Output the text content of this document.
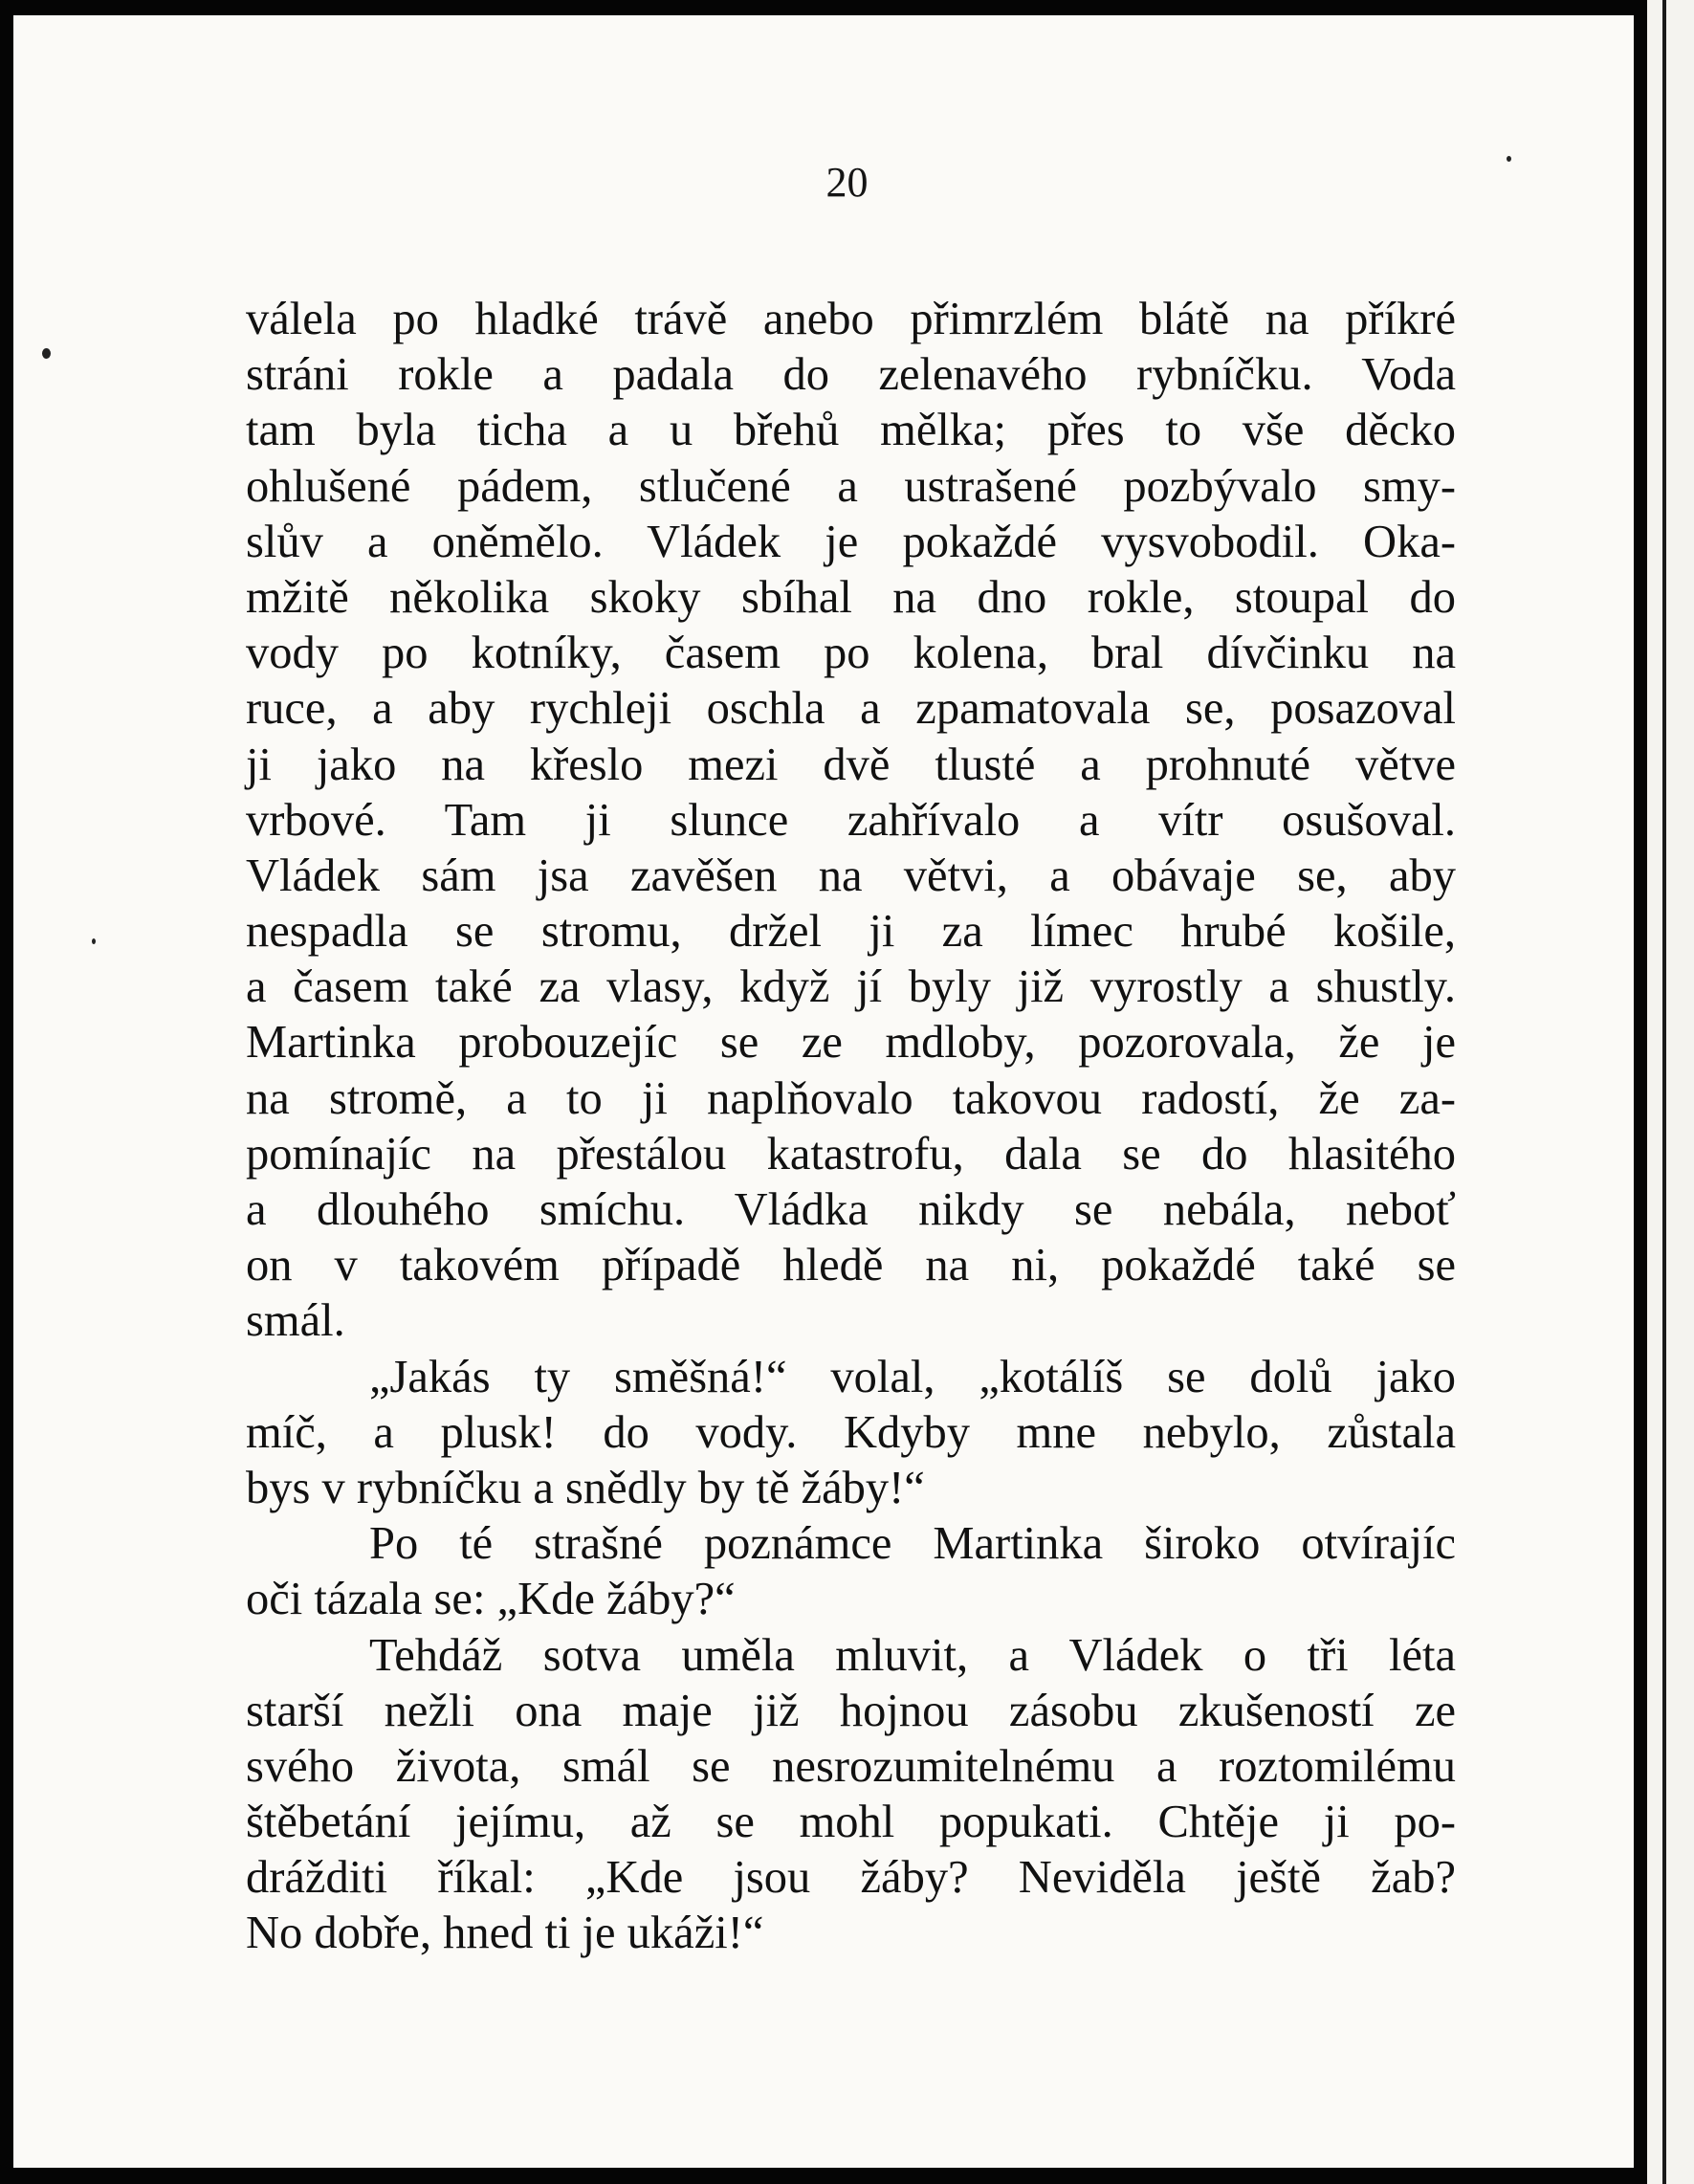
20
válela po hladké trávě anebo přimrzlém blátě na příkré
stráni rokle a padala do zelenavého rybníčku. Voda
tam byla ticha a u břehů mělka; přes to vše děcko
ohlušené pádem, stlučené a ustrašené pozbývalo smy-
slův a oněmělo. Vládek je pokaždé vysvobodil. Oka-
mžitě několika skoky sbíhal na dno rokle, stoupal do
vody po kotníky, časem po kolena, bral dívčinku na
ruce, a aby rychleji oschla a zpamatovala se, posazoval
ji jako na křeslo mezi dvě tlusté a prohnuté větve
vrbové. Tam ji slunce zahřívalo a vítr osušoval.
Vládek sám jsa zavěšen na větvi, a obávaje se, aby
nespadla se stromu, držel ji za límec hrubé košile,
a časem také za vlasy, když jí byly již vyrostly a shustly.
Martinka probouzejíc se ze mdloby, pozorovala, že je
na stromě, a to ji naplňovalo takovou radostí, že za-
pomínajíc na přestálou katastrofu, dala se do hlasitého
a dlouhého smíchu. Vládka nikdy se nebála, neboť
on v takovém případě hledě na ni, pokaždé také se
smál.
„Jakás ty směšná!“ volal, „kotálíš se dolů jako
míč, a plusk! do vody. Kdyby mne nebylo, zůstala
bys v rybníčku a snědly by tě žáby!“
Po té strašné poznámce Martinka široko otvírajíc
oči tázala se: „Kde žáby?“
Tehdáž sotva uměla mluvit, a Vládek o tři léta
starší nežli ona maje již hojnou zásobu zkušeností ze
svého života, smál se nesrozumitelnému a roztomilému
štěbetání jejímu, až se mohl popukati. Chtěje ji po-
drážditi říkal: „Kde jsou žáby? Neviděla ještě žab?
No dobře, hned ti je ukáži!“
